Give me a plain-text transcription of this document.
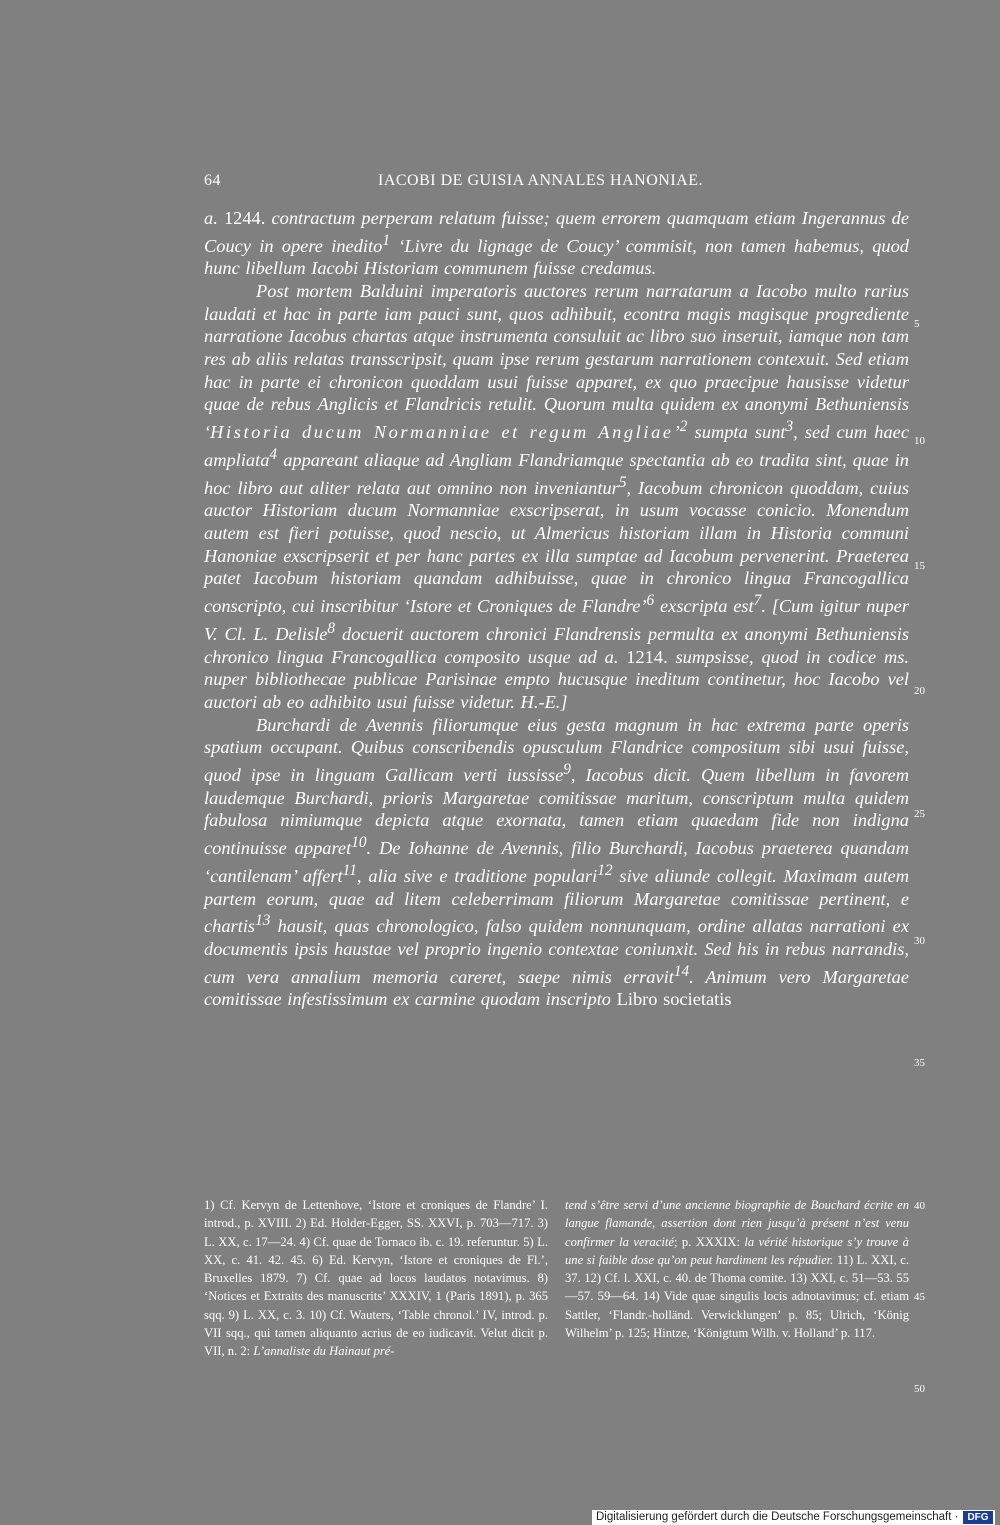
64	IACOBI DE GUISIA ANNALES HANONIAE.

a. 1244. contractum perperam relatum fuisse; quem errorem quamquam etiam Ingerannus de Coucy in opere inedito$^1$ ‘Livre du lignage de Coucy’ commisit, non tamen habemus, quod hunc libellum Iacobi Historiam communem fuisse credamus.

Post mortem Balduini imperatoris auctores rerum narratarum a Iacobo multo rarius laudati et hac in parte iam pauci sunt, quos adhibuit, econtra magis magisque progrediente narratione Iacobus chartas atque instrumenta consuluit ac libro suo inseruit, iamque non tam res ab aliis relatas transscripsit, quam ipse rerum gestarum narrationem contexuit. Sed etiam hac in parte ei chronicon quoddam usui fuisse apparet, ex quo praecipue hausisse videtur quae de rebus Anglicis et Flandricis retulit. Quorum multa quidem ex anonymi Bethuniensis ‘Historia ducum Normanniae et regum Angliae’$^2$ sumpta sunt$^3$, sed cum haec ampliata$^4$ appareant aliaque ad Angliam Flandriamque spectantia ab eo tradita sint, quae in hoc libro aut aliter relata aut omnino non inveniantur$^5$, Iacobum chronicon quoddam, cuius auctor Historiam ducum Normanniae exscripserat, in usum vocasse conicio. Monendum autem est fieri potuisse, quod nescio, ut Almericus historiam illam in Historia communi Hanoniae exscripserit et per hanc partes ex illa sumptae ad Iacobum pervenerint. Praeterea patet Iacobum historiam quandam adhibuisse, quae in chronico lingua Francogallica conscripto, cui inscribitur ‘Istore et Croniques de Flandre’$^6$ exscripta est$^7$. [Cum igitur nuper V. Cl. L. Delisle$^8$ docuerit auctorem chronici Flandrensis permulta ex anonymi Bethuniensis chronico lingua Francogallica composito usque ad a. 1214. sumpsisse, quod in codice ms. nuper bibliothecae publicae Parisinae empto hucusque ineditum continetur, hoc Iacobo vel auctori ab eo adhibito usui fuisse videtur. H.-E.]

Burchardi de Avennis filiorumque eius gesta magnum in hac extrema parte operis spatium occupant. Quibus conscribendis opusculum Flandrice compositum sibi usui fuisse, quod ipse in linguam Gallicam verti iussisse$^9$, Iacobus dicit. Quem libellum in favorem laudemque Burchardi, prioris Margaretae comitissae maritum, conscriptum multa quidem fabulosa nimiumque depicta atque exornata, tamen etiam quaedam fide non indigna continuisse apparet$^{10}$. De Iohanne de Avennis, filio Burchardi, Iacobus praeterea quandam ‘cantilenam’ affert$^{11}$, alia sive e traditione populari$^{12}$ sive aliunde collegit. Maximam autem partem eorum, quae ad litem celeberrimam filiorum Margaretae comitissae pertinent, e chartis$^{13}$ hausit, quas chronologico, falso quidem nonnunquam, ordine allatas narrationi ex documentis ipsis haustae vel proprio ingenio contextae coniunxit. Sed his in rebus narrandis, cum vera annalium memoria careret, saepe nimis erravit$^{14}$. Animum vero Margaretae comitissae infestissimum ex carmine quodam inscripto Libro societatis

5
10
15
20
25
30
35
1) Cf. Kervyn de Lettenhove, ‘Istore et croniques de Flandre’ I. introd., p. XVIII. 2) Ed. Holder-Egger, SS. XXVI, p. 703—717. 3) L. XX, c. 17—24. 4) Cf. quae de Tornaco ib. c. 19. referuntur. 5) L. XX, c. 41. 42. 45. 6) Ed. Kervyn, ‘Istore et croniques de Fl.’, Bruxelles 1879. 7) Cf. quae ad locos laudatos notavimus. 8) ‘Notices et Extraits des manuscrits’ XXXIV, 1 (Paris 1891), p. 365 sqq. 9) L. XX, c. 3. 10) Cf. Wauters, ‘Table chronol.’ IV, introd. p. VII sqq., qui tamen aliquanto acrius de eo iudicavit. Velut dicit p. VII, n. 2: L’annaliste du Hainaut pré-
tend s’être servi d’une ancienne biographie de Bouchard écrite en langue flamande, assertion dont rien jusqu’à présent n’est venu confirmer la veracité; p. XXXIX: la vérité historique s’y trouve à une si faible dose qu’on peut hardiment les répudier. 11) L. XXI, c. 37. 12) Cf. l. XXI, c. 40. de Thoma comite. 13) XXI, c. 51—53. 55—57. 59—64. 14) Vide quae singulis locis adnotavimus; cf. etiam Sattler, ‘Flandr.-holländ. Verwicklungen’ p. 85; Ulrich, ‘König Wilhelm’ p. 125; Hintze, ‘Königtum Wilh. v. Holland’ p. 117.
40
45
50
Digitalisierung gefördert durch die Deutsche Forschungsgemeinschaft · DFG
